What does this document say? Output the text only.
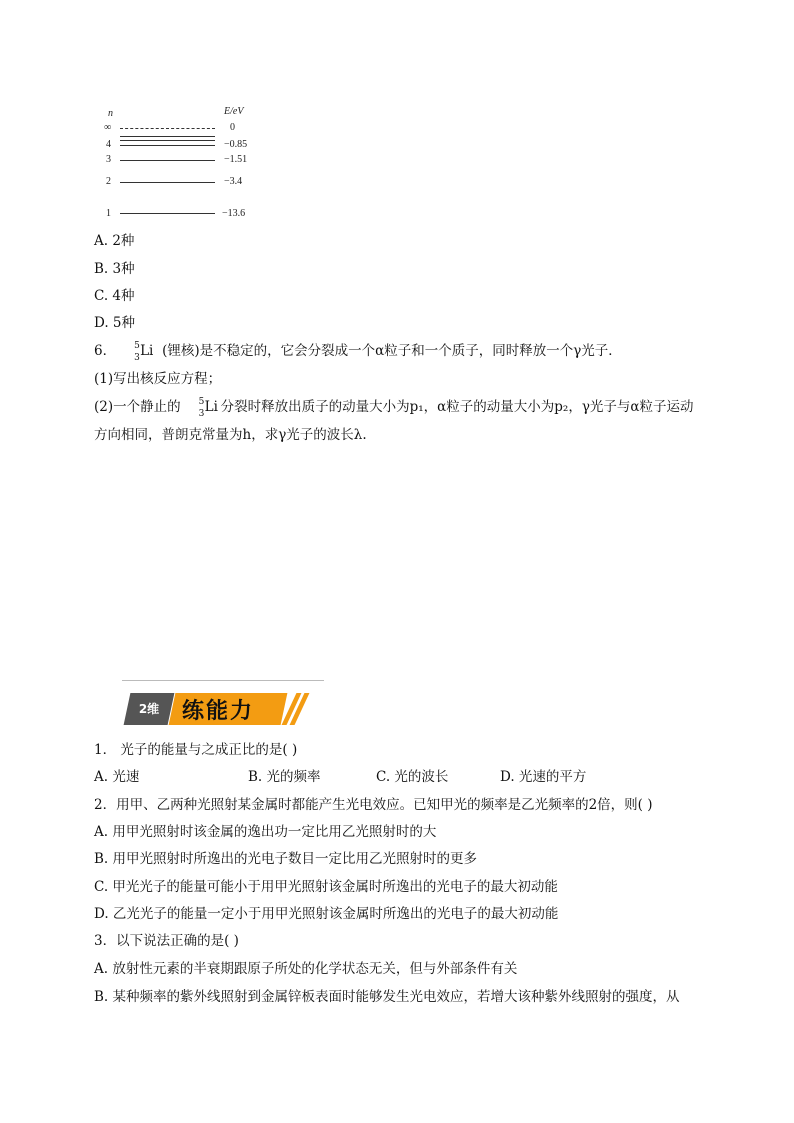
n	E/eV
∞	0
4	−0.85
3	−1.51
2	−3.4
1	−13.6
A. 2种
B. 3种
C. 4种
D. 5种
6． 5
3 Li (锂核)是不稳定的，它会分裂成一个α粒子和一个质子，同时释放一个γ光子．
(1)写出核反应方程；
(2)一个静止的 5
3 Li 分裂时释放出质子的动量大小为p₁，α粒子的动量大小为p₂，γ光子与α粒子运动
方向相同，普朗克常量为h，求γ光子的波长λ.
2维	练能力
1． 光子的能量与之成正比的是( )
A. 光速	B. 光的频率	C. 光的波长	D. 光速的平方
2．用甲、乙两种光照射某金属时都能产生光电效应。已知甲光的频率是乙光频率的2倍，则( )
A. 用甲光照射时该金属的逸出功一定比用乙光照射时的大
B. 用甲光照射时所逸出的光电子数目一定比用乙光照射时的更多
C. 甲光光子的能量可能小于用甲光照射该金属时所逸出的光电子的最大初动能
D. 乙光光子的能量一定小于用甲光照射该金属时所逸出的光电子的最大初动能
3．以下说法正确的是( )
A. 放射性元素的半衰期跟原子所处的化学状态无关，但与外部条件有关
B. 某种频率的紫外线照射到金属锌板表面时能够发生光电效应，若增大该种紫外线照射的强度，从
